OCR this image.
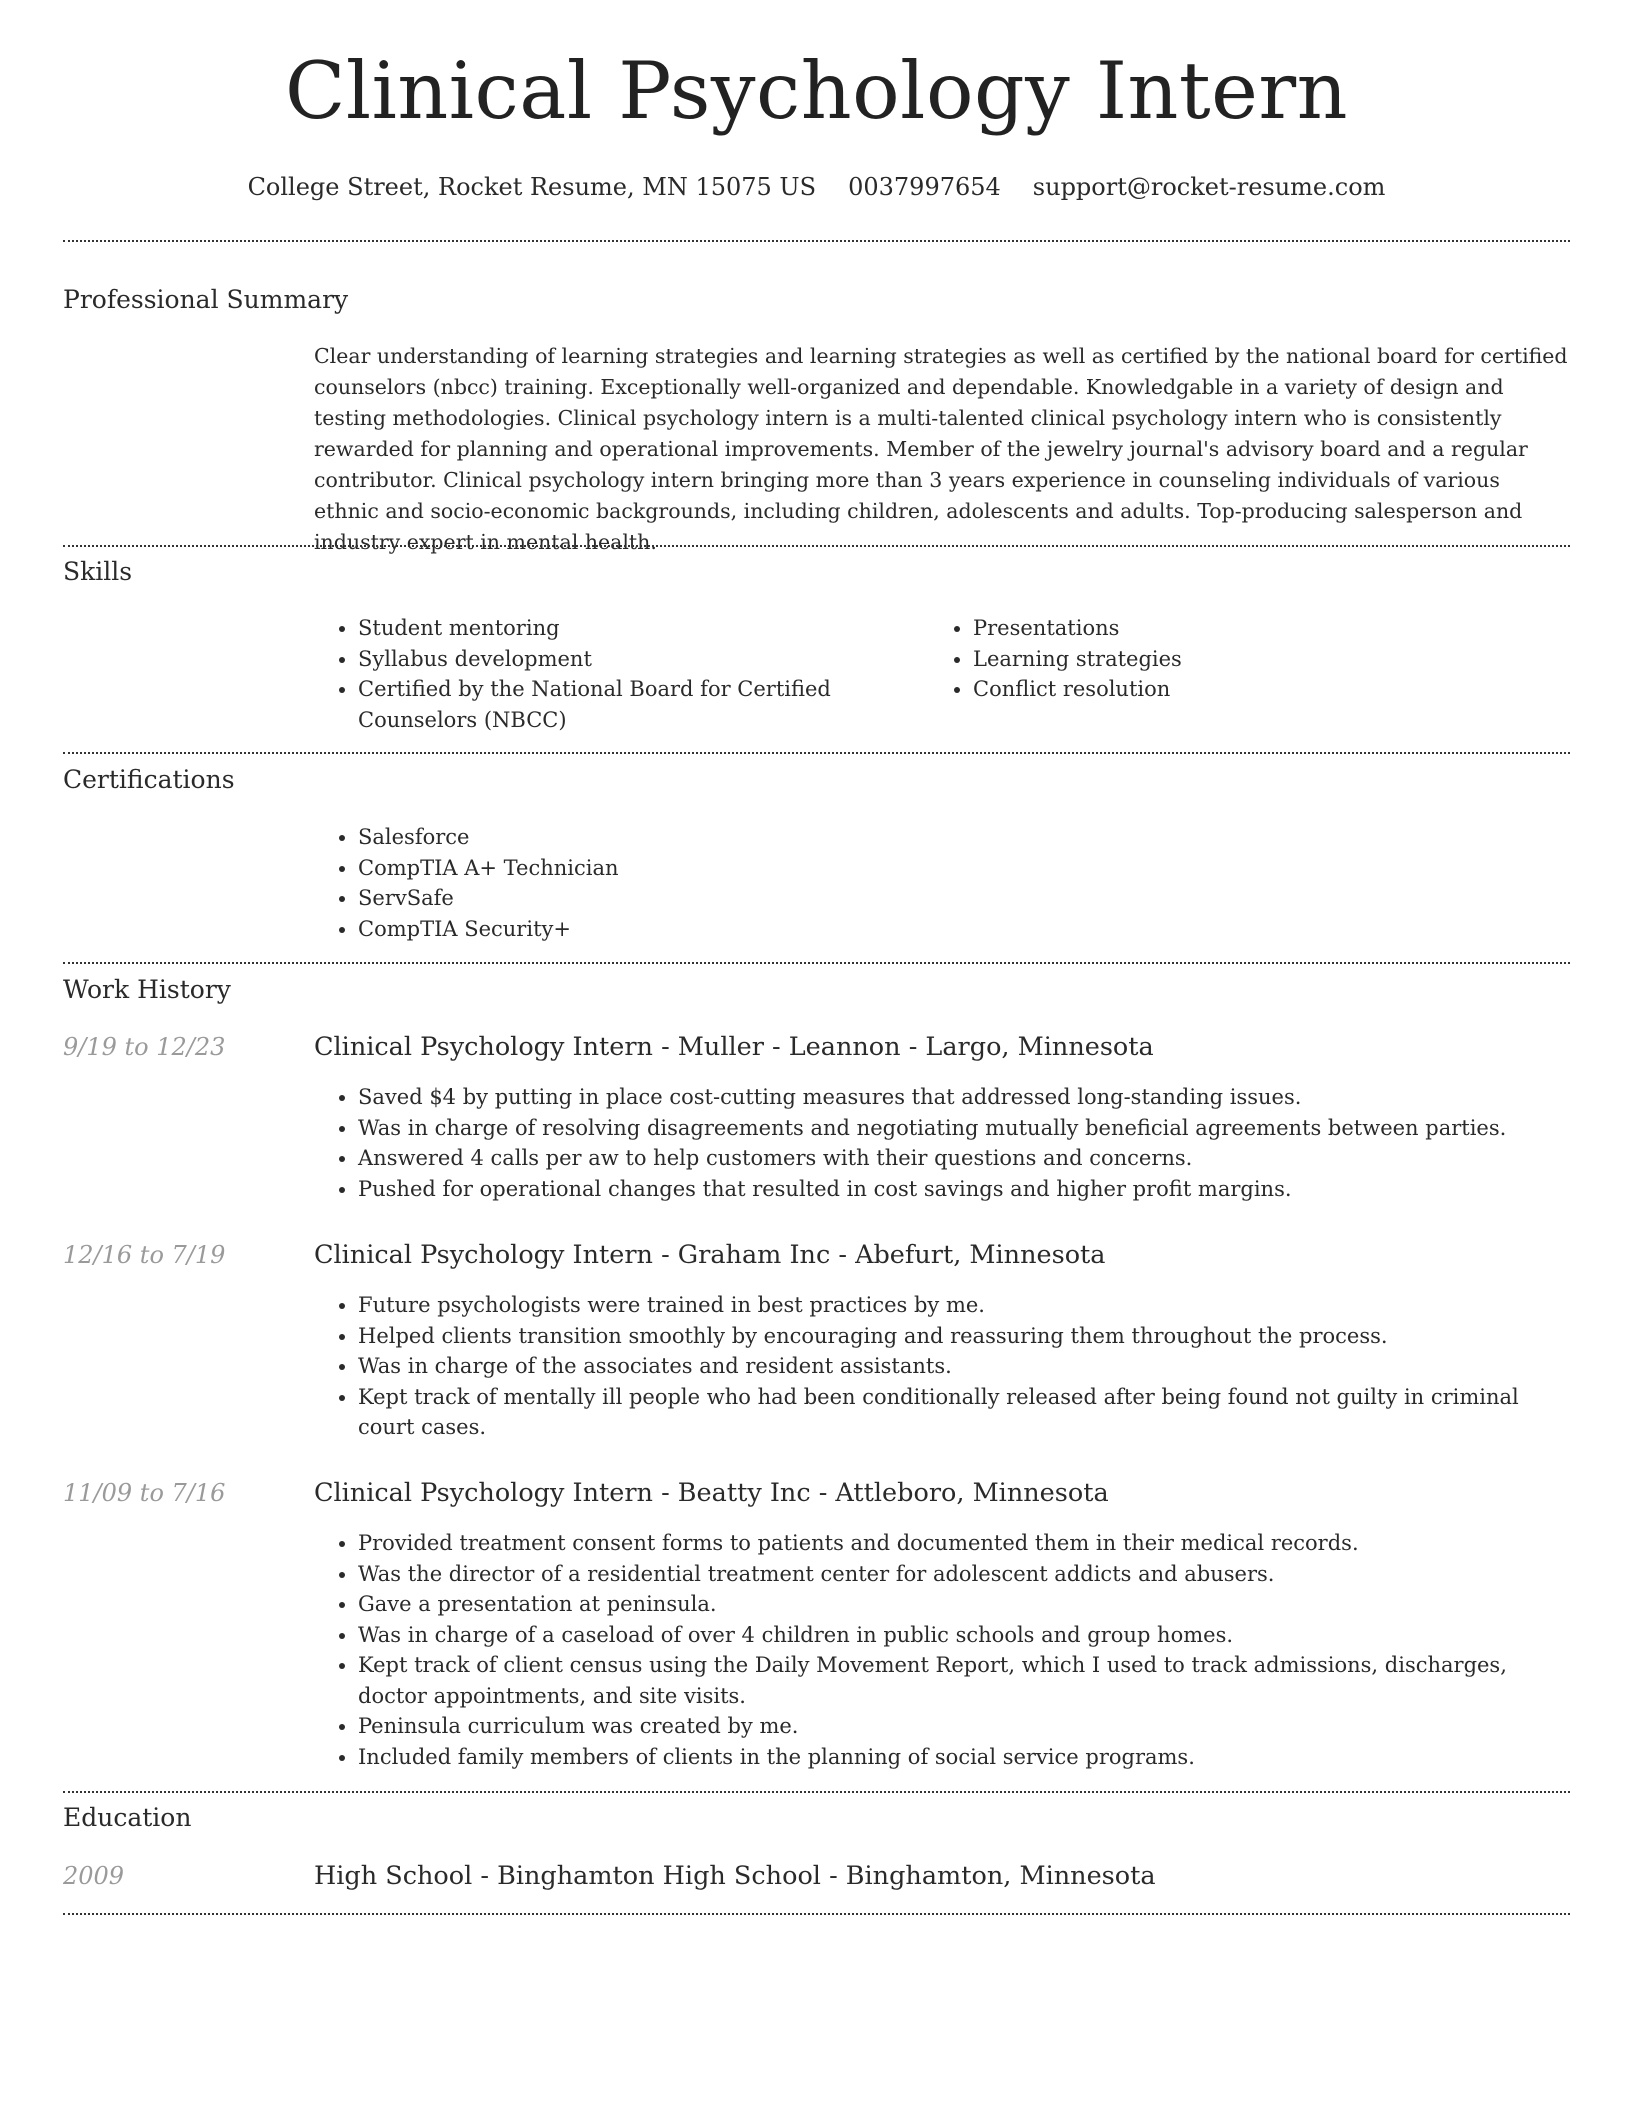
Clinical Psychology Intern
College Street, Rocket Resume, MN 15075 US 0037997654 support@rocket-resume.com
Professional Summary

Clear understanding of learning strategies and learning strategies as well as certified by the national board for certified counselors (nbcc) training. Exceptionally well-organized and dependable. Knowledgable in a variety of design and testing methodologies. Clinical psychology intern is a multi-talented clinical psychology intern who is consistently rewarded for planning and operational improvements. Member of the jewelry journal's advisory board and a regular contributor. Clinical psychology intern bringing more than 3 years experience in counseling individuals of various ethnic and socio-economic backgrounds, including children, adolescents and adults. Top-producing salesperson and industry expert in mental health.

Skills
• Student mentoring
• Syllabus development
• Certified by the National Board for Certified Counselors (NBCC)
• Presentations
• Learning strategies
• Conflict resolution
Certifications
• Salesforce
• CompTIA A+ Technician
• ServSafe
• CompTIA Security+
Work History
9/19 to 12/23	Clinical Psychology Intern - Muller - Leannon - Largo, Minnesota
• Saved $4 by putting in place cost-cutting measures that addressed long-standing issues.
• Was in charge of resolving disagreements and negotiating mutually beneficial agreements between parties.
• Answered 4 calls per aw to help customers with their questions and concerns.
• Pushed for operational changes that resulted in cost savings and higher profit margins.
12/16 to 7/19	Clinical Psychology Intern - Graham Inc - Abefurt, Minnesota
• Future psychologists were trained in best practices by me.
• Helped clients transition smoothly by encouraging and reassuring them throughout the process.
• Was in charge of the associates and resident assistants.
• Kept track of mentally ill people who had been conditionally released after being found not guilty in criminal court cases.
11/09 to 7/16	Clinical Psychology Intern - Beatty Inc - Attleboro, Minnesota
• Provided treatment consent forms to patients and documented them in their medical records.
• Was the director of a residential treatment center for adolescent addicts and abusers.
• Gave a presentation at peninsula.
• Was in charge of a caseload of over 4 children in public schools and group homes.
• Kept track of client census using the Daily Movement Report, which I used to track admissions, discharges, doctor appointments, and site visits.
• Peninsula curriculum was created by me.
• Included family members of clients in the planning of social service programs.
Education
2009	High School - Binghamton High School - Binghamton, Minnesota
